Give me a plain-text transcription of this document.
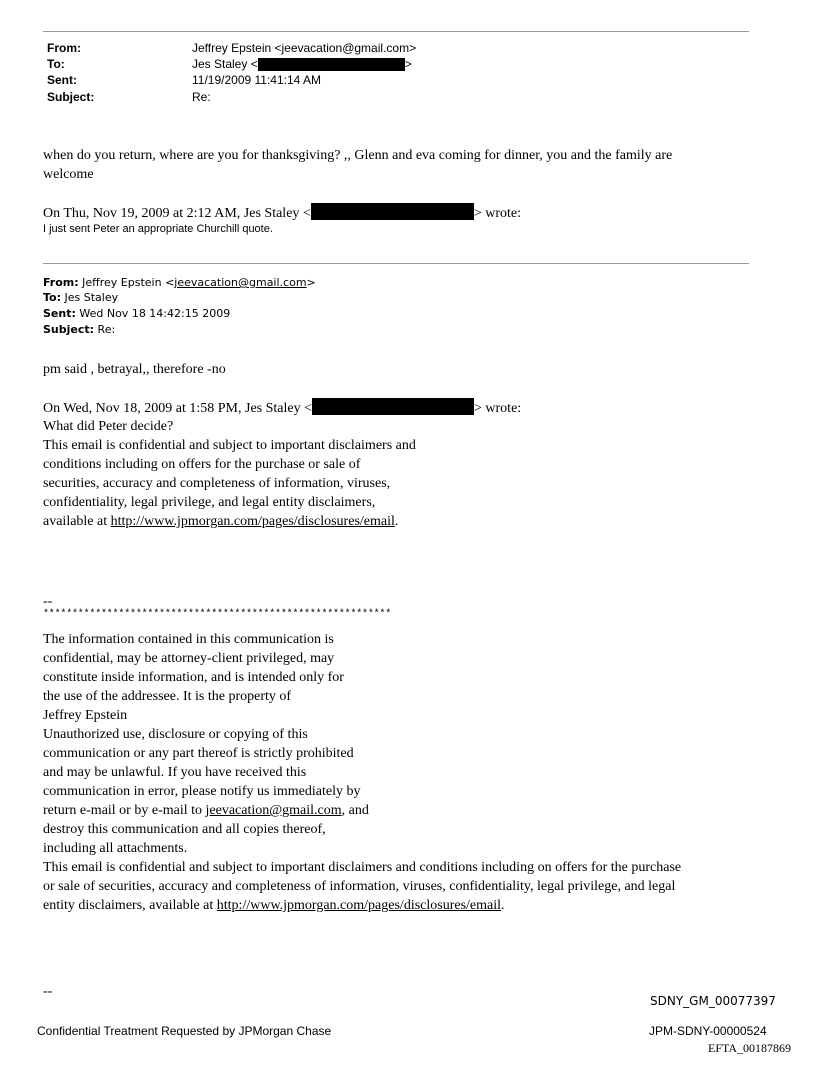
From:	Jeffrey Epstein <jeevacation@gmail.com>
To:	Jes Staley <	>
Sent:	11/19/2009 11:41:14 AM
Subject:	Re:
when do you return, where are you for thanksgiving? ,, Glenn and eva coming for dinner, you and the family are
welcome
On Thu, Nov 19, 2009 at 2:12 AM, Jes Staley <	> wrote:
I just sent Peter an appropriate Churchill quote.
From: Jeffrey Epstein <jeevacation@gmail.com>
To: Jes Staley
Sent: Wed Nov 18 14:42:15 2009
Subject: Re:
pm said , betrayal,, therefore -no
On Wed, Nov 18, 2009 at 1:58 PM, Jes Staley <	> wrote:
What did Peter decide?
This email is confidential and subject to important disclaimers and
conditions including on offers for the purchase or sale of
securities, accuracy and completeness of information, viruses,
confidentiality, legal privilege, and legal entity disclaimers,
available at http://www.jpmorgan.com/pages/disclosures/email.
--
************************************************************
The information contained in this communication is
confidential, may be attorney-client privileged, may
constitute inside information, and is intended only for
the use of the addressee. It is the property of
Jeffrey Epstein
Unauthorized use, disclosure or copying of this
communication or any part thereof is strictly prohibited
and may be unlawful. If you have received this
communication in error, please notify us immediately by
return e-mail or by e-mail to jeevacation@gmail.com, and
destroy this communication and all copies thereof,
including all attachments.
This email is confidential and subject to important disclaimers and conditions including on offers for the purchase
or sale of securities, accuracy and completeness of information, viruses, confidentiality, legal privilege, and legal
entity disclaimers, available at http://www.jpmorgan.com/pages/disclosures/email.
--
SDNY_GM_00077397
Confidential Treatment Requested by JPMorgan Chase	JPM-SDNY-00000524
EFTA_00187869
